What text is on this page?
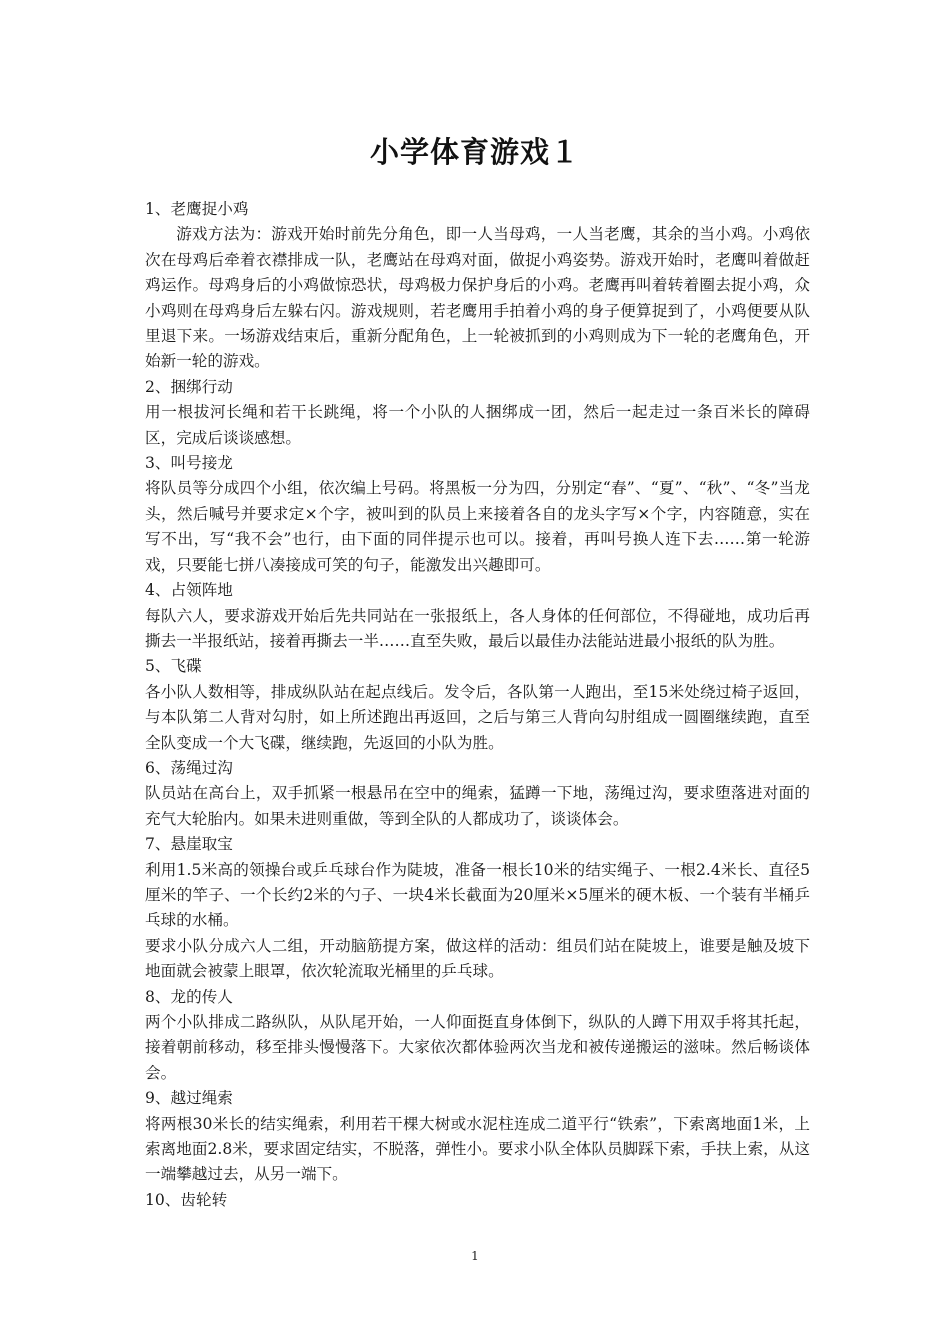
小学体育游戏１

1、老鹰捉小鸡

游戏方法为：游戏开始时前先分角色，即一人当母鸡，一人当老鹰，其余的当小鸡。小鸡依次在母鸡后牵着衣襟排成一队，老鹰站在母鸡对面，做捉小鸡姿势。游戏开始时，老鹰叫着做赶鸡运作。母鸡身后的小鸡做惊恐状，母鸡极力保护身后的小鸡。老鹰再叫着转着圈去捉小鸡，众小鸡则在母鸡身后左躲右闪。游戏规则，若老鹰用手拍着小鸡的身子便算捉到了，小鸡便要从队里退下来。一场游戏结束后，重新分配角色，上一轮被抓到的小鸡则成为下一轮的老鹰角色，开始新一轮的游戏。

2、捆绑行动

用一根拔河长绳和若干长跳绳，将一个小队的人捆绑成一团，然后一起走过一条百米长的障碍区，完成后谈谈感想。

3、叫号接龙

将队员等分成四个小组，依次编上号码。将黑板一分为四，分别定“春”、“夏”、“秋”、“冬”当龙头，然后喊号并要求定×个字，被叫到的队员上来接着各自的龙头字写×个字，内容随意，实在写不出，写“我不会”也行，由下面的同伴提示也可以。接着，再叫号换人连下去……第一轮游戏，只要能七拼八凑接成可笑的句子，能激发出兴趣即可。

4、占领阵地

每队六人，要求游戏开始后先共同站在一张报纸上，各人身体的任何部位，不得碰地，成功后再撕去一半报纸站，接着再撕去一半……直至失败，最后以最佳办法能站进最小报纸的队为胜。

5、飞碟

各小队人数相等，排成纵队站在起点线后。发令后，各队第一人跑出，至15米处绕过椅子返回，与本队第二人背对勾肘，如上所述跑出再返回，之后与第三人背向勾肘组成一圆圈继续跑，直至全队变成一个大飞碟，继续跑，先返回的小队为胜。

6、荡绳过沟

队员站在高台上，双手抓紧一根悬吊在空中的绳索，猛蹲一下地，荡绳过沟，要求堕落进对面的充气大轮胎内。如果未进则重做，等到全队的人都成功了，谈谈体会。

7、悬崖取宝

利用1.5米高的领操台或乒乓球台作为陡坡，准备一根长10米的结实绳子、一根2.4米长、直径5厘米的竿子、一个长约2米的勺子、一块4米长截面为20厘米×5厘米的硬木板、一个装有半桶乒乓球的水桶。

要求小队分成六人二组，开动脑筋提方案，做这样的活动：组员们站在陡坡上，谁要是触及坡下地面就会被蒙上眼罩，依次轮流取光桶里的乒乓球。

8、龙的传人

两个小队排成二路纵队，从队尾开始，一人仰面挺直身体倒下，纵队的人蹲下用双手将其托起，接着朝前移动，移至排头慢慢落下。大家依次都体验两次当龙和被传递搬运的滋味。然后畅谈体会。

9、越过绳索

将两根30米长的结实绳索，利用若干棵大树或水泥柱连成二道平行“铁索”，下索离地面1米，上索离地面2.8米，要求固定结实，不脱落，弹性小。要求小队全体队员脚踩下索，手扶上索，从这一端攀越过去，从另一端下。

10、齿轮转

1
